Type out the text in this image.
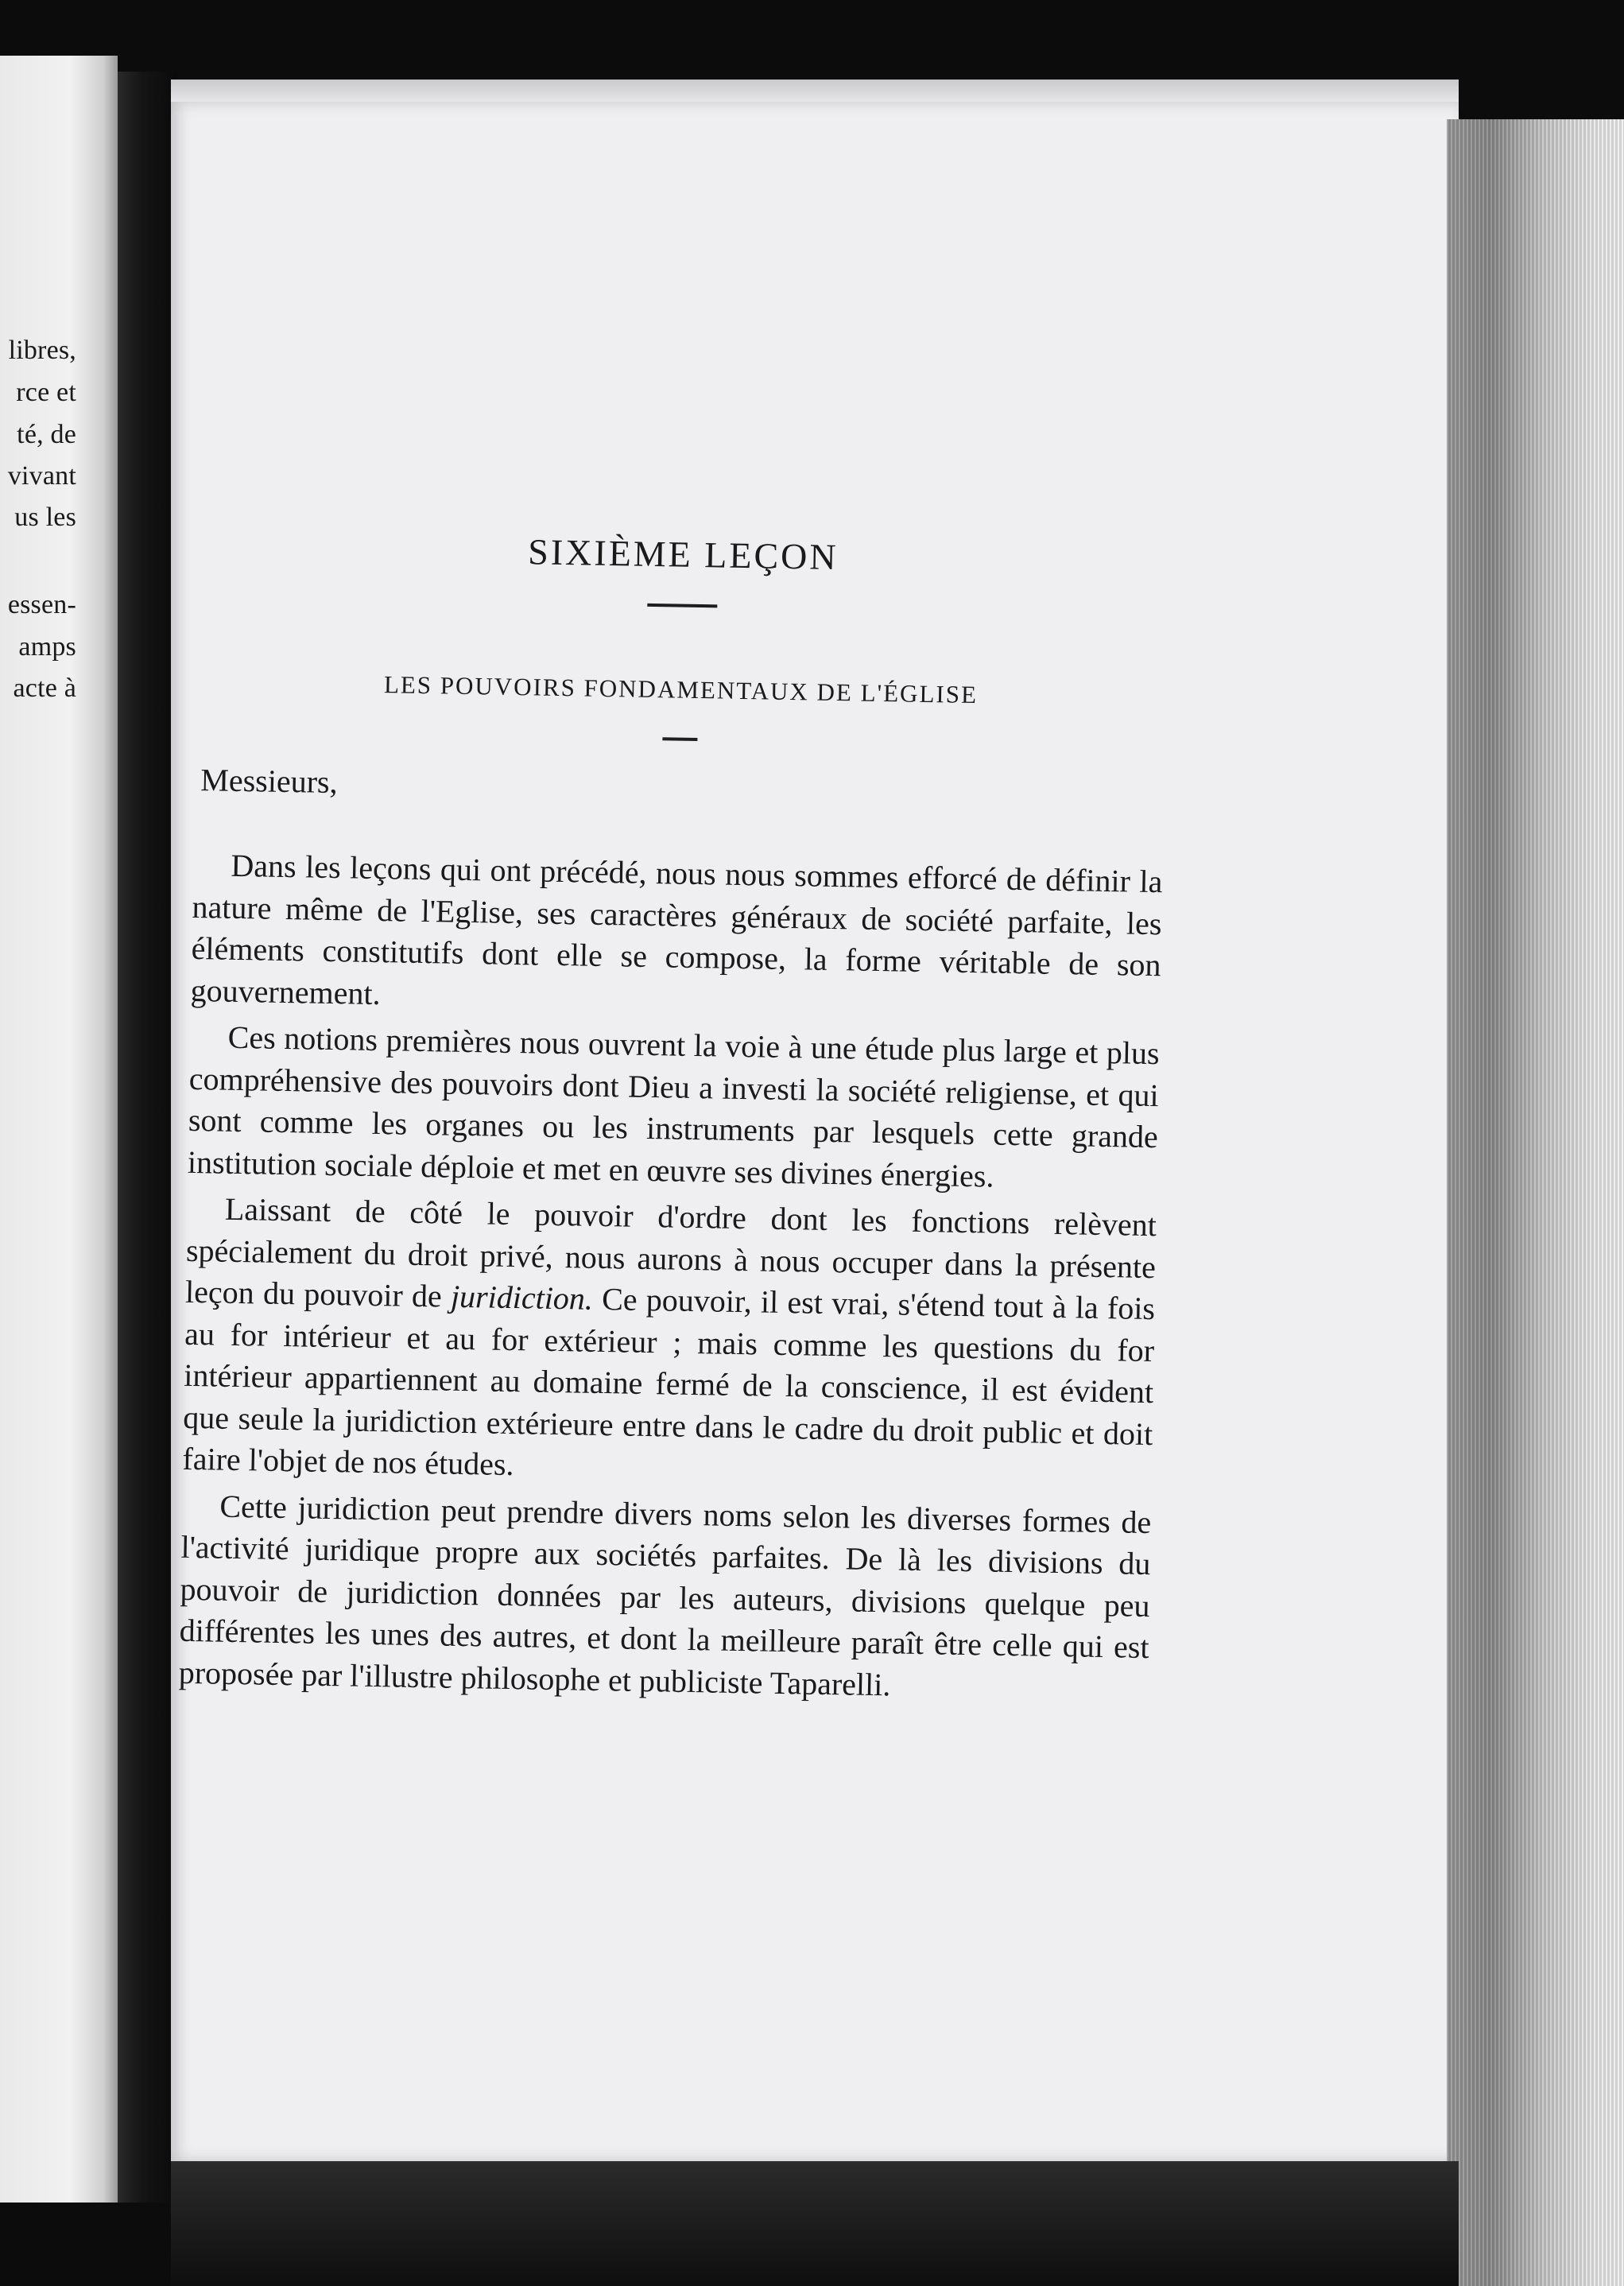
libres,
rce et
té, de
vivant
us les
essen-
amps
acte à
SIXIÈME LEÇON
LES POUVOIRS FONDAMENTAUX DE L'ÉGLISE

Messieurs,

Dans les leçons qui ont précédé, nous nous sommes efforcé de définir la nature même de l'Eglise, ses caractères généraux de société parfaite, les éléments constitutifs dont elle se compose, la forme véritable de son gouvernement.

Ces notions premières nous ouvrent la voie à une étude plus large et plus compréhensive des pouvoirs dont Dieu a investi la société religiense, et qui sont comme les organes ou les instruments par lesquels cette grande institution sociale déploie et met en œuvre ses divines énergies.

Laissant de côté le pouvoir d'ordre dont les fonctions relèvent spécialement du droit privé, nous aurons à nous occuper dans la présente leçon du pouvoir de juridiction. Ce pouvoir, il est vrai, s'étend tout à la fois au for intérieur et au for extérieur ; mais comme les questions du for intérieur appartiennent au domaine fermé de la conscience, il est évident que seule la juridiction extérieure entre dans le cadre du droit public et doit faire l'objet de nos études.

Cette juridiction peut prendre divers noms selon les diverses formes de l'activité juridique propre aux sociétés parfaites. De là les divisions du pouvoir de juridiction données par les auteurs, divisions quelque peu différentes les unes des autres, et dont la meilleure paraît être celle qui est proposée par l'illustre philosophe et publiciste Taparelli.
